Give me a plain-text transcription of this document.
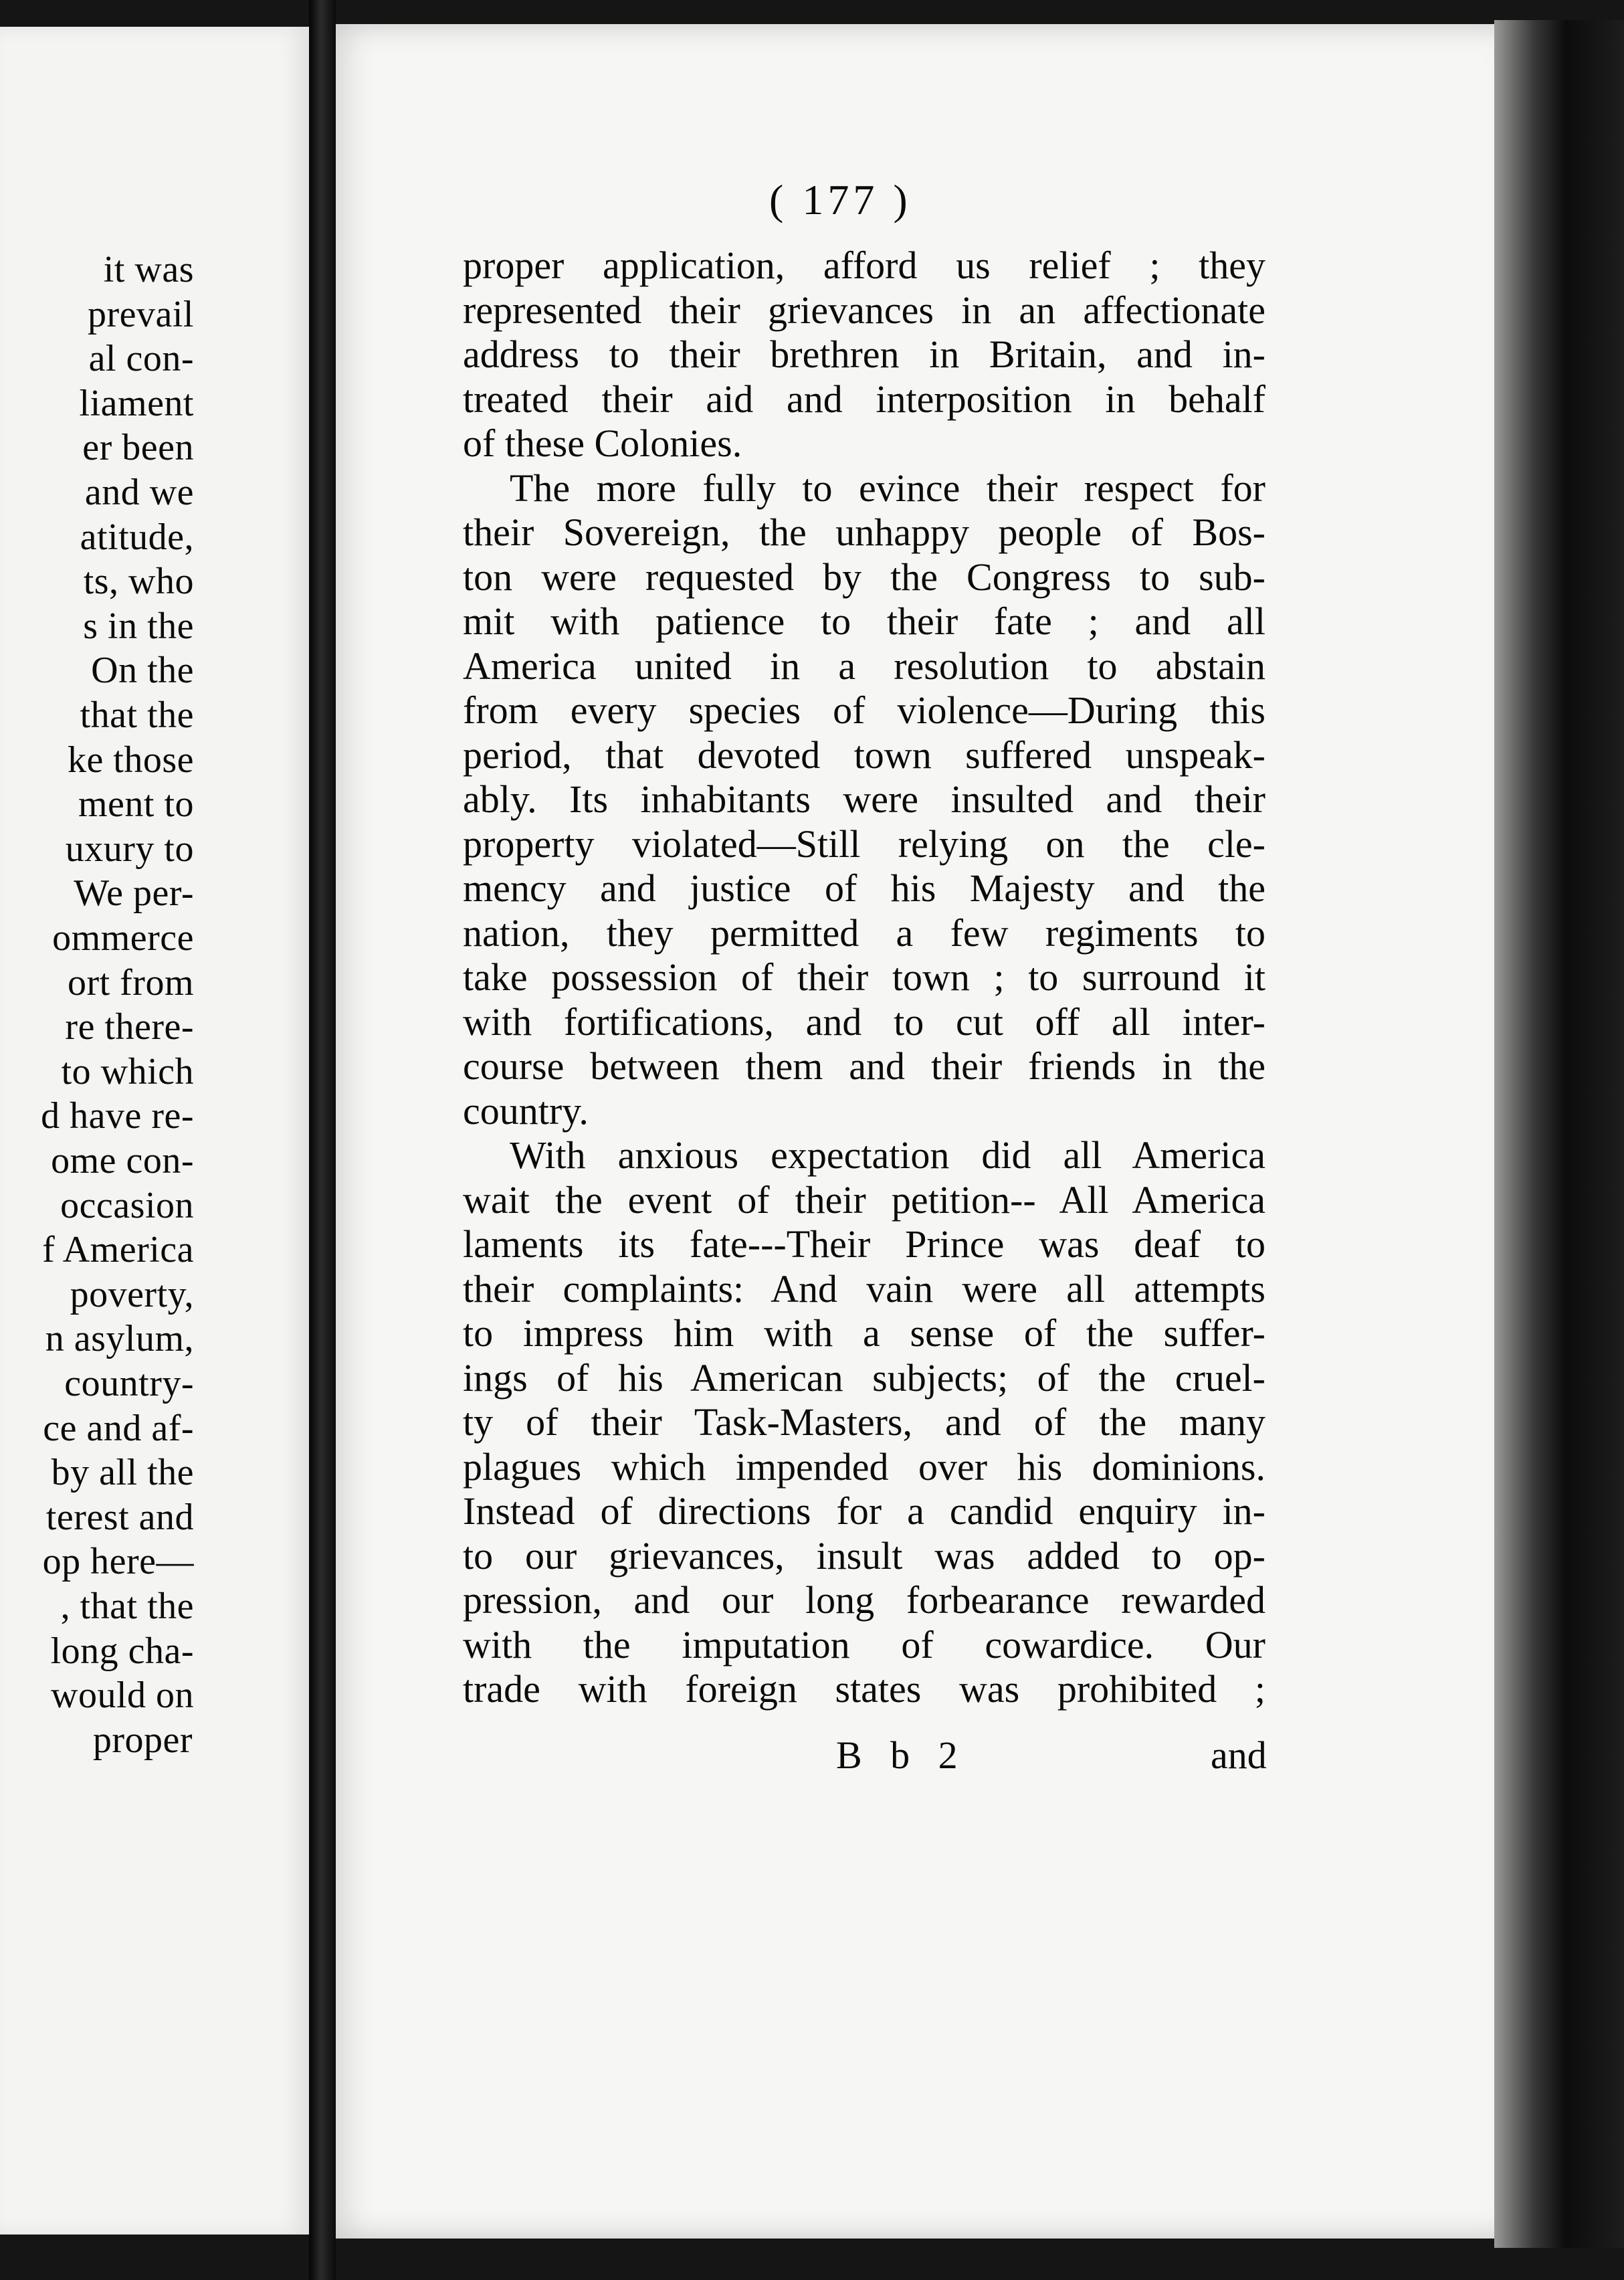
it was

prevail

al con-

liament

er been

and we

atitude,

ts, who

s in the

On the

that the

ke those

ment to

uxury to

We per-

ommerce

ort from

re there-

to which

d have re-

ome con-

occasion

f America

poverty,

n asylum,

country-

ce and af-

by all the

terest and

op here—

, that the

long cha-

would on

proper

( 177 )

proper application, afford us relief ; they

represented their grievances in an affectionate

address to their brethren in Britain, and in-

treated their aid and interposition in behalf

of these Colonies.

The more fully to evince their respect for

their Sovereign, the unhappy people of Bos-

ton were requested by the Congress to sub-

mit with patience to their fate ; and all

America united in a resolution to abstain

from every species of violence—During this

period, that devoted town suffered unspeak-

ably. Its inhabitants were insulted and their

property violated—Still relying on the cle-

mency and justice of his Majesty and the

nation, they permitted a few regiments to

take possession of their town ; to surround it

with fortifications, and to cut off all inter-

course between them and their friends in the

country.

With anxious expectation did all America

wait the event of their petition-- All America

laments its fate---Their Prince was deaf to

their complaints: And vain were all attempts

to impress him with a sense of the suffer-

ings of his American subjects; of the cruel-

ty of their Task-Masters, and of the many

plagues which impended over his dominions.

Instead of directions for a candid enquiry in-

to our grievances, insult was added to op-

pression, and our long forbearance rewarded

with the imputation of cowardice. Our

trade with foreign states was prohibited ;

B b 2	and
